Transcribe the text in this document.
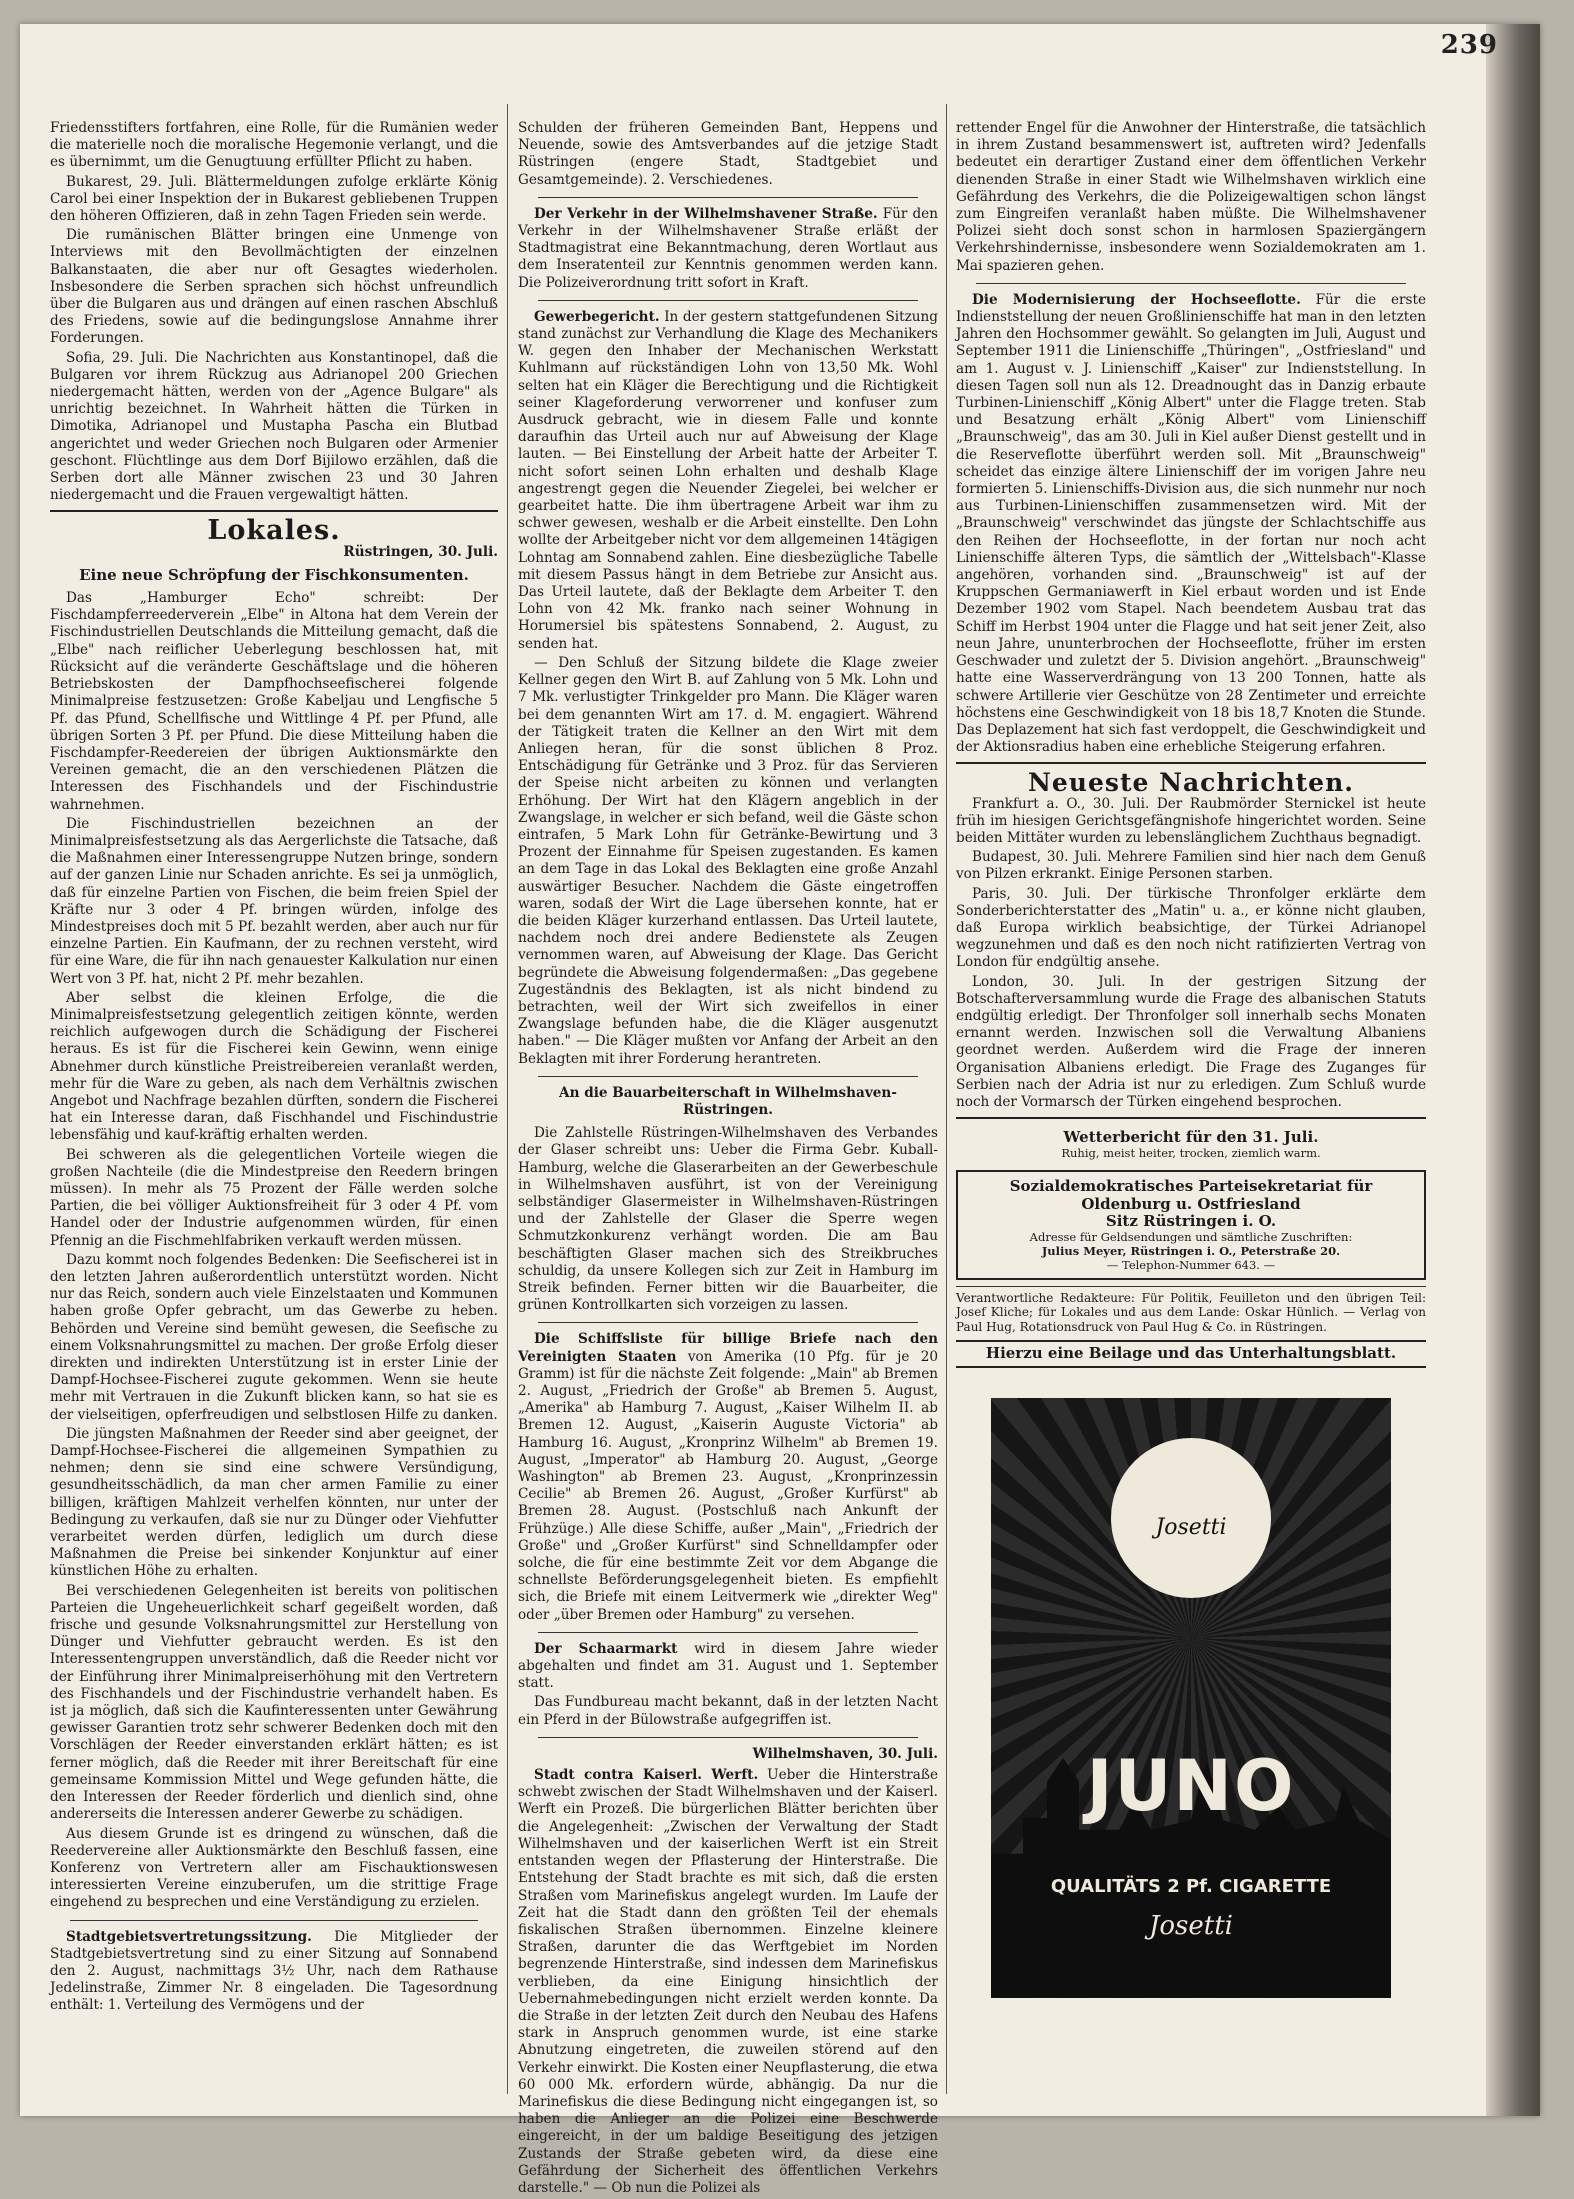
239

Friedensstifters fortfahren, eine Rolle, für die Rumänien weder die materielle noch die moralische Hegemonie verlangt, und die es übernimmt, um die Genugtuung erfüllter Pflicht zu haben.

Bukarest, 29. Juli. Blättermeldungen zufolge erklärte König Carol bei einer Inspektion der in Bukarest gebliebenen Truppen den höheren Offizieren, daß in zehn Tagen Frieden sein werde.

Die rumänischen Blätter bringen eine Unmenge von Interviews mit den Bevollmächtigten der einzelnen Balkanstaaten, die aber nur oft Gesagtes wiederholen. Insbesondere die Serben sprachen sich höchst unfreundlich über die Bulgaren aus und drängen auf einen raschen Abschluß des Friedens, sowie auf die bedingungslose Annahme ihrer Forderungen.

Sofia, 29. Juli. Die Nachrichten aus Konstantinopel, daß die Bulgaren vor ihrem Rückzug aus Adrianopel 200 Griechen niedergemacht hätten, werden von der „Agence Bulgare" als unrichtig bezeichnet. In Wahrheit hätten die Türken in Dimotika, Adrianopel und Mustapha Pascha ein Blutbad angerichtet und weder Griechen noch Bulgaren oder Armenier geschont. Flüchtlinge aus dem Dorf Bijilowo erzählen, daß die Serben dort alle Männer zwischen 23 und 30 Jahren niedergemacht und die Frauen vergewaltigt hätten.

Lokales.
Rüstringen, 30. Juli.
Eine neue Schröpfung der Fischkonsumenten.

Das „Hamburger Echo" schreibt: Der Fischdampferreederverein „Elbe" in Altona hat dem Verein der Fischindustriellen Deutschlands die Mitteilung gemacht, daß die „Elbe" nach reiflicher Ueberlegung beschlossen hat, mit Rücksicht auf die veränderte Geschäftslage und die höheren Betriebskosten der Dampfhochseefischerei folgende Minimalpreise festzusetzen: Große Kabeljau und Lengfische 5 Pf. das Pfund, Schellfische und Wittlinge 4 Pf. per Pfund, alle übrigen Sorten 3 Pf. per Pfund. Die diese Mitteilung haben die Fischdampfer-Reedereien der übrigen Auktionsmärkte den Vereinen gemacht, die an den verschiedenen Plätzen die Interessen des Fischhandels und der Fischindustrie wahrnehmen.

Die Fischindustriellen bezeichnen an der Minimalpreisfestsetzung als das Aergerlichste die Tatsache, daß die Maßnahmen einer Interessengruppe Nutzen bringe, sondern auf der ganzen Linie nur Schaden anrichte. Es sei ja unmöglich, daß für einzelne Partien von Fischen, die beim freien Spiel der Kräfte nur 3 oder 4 Pf. bringen würden, infolge des Mindestpreises doch mit 5 Pf. bezahlt werden, aber auch nur für einzelne Partien. Ein Kaufmann, der zu rechnen versteht, wird für eine Ware, die für ihn nach genauester Kalkulation nur einen Wert von 3 Pf. hat, nicht 2 Pf. mehr bezahlen.

Aber selbst die kleinen Erfolge, die die Minimalpreisfestsetzung gelegentlich zeitigen könnte, werden reichlich aufgewogen durch die Schädigung der Fischerei heraus. Es ist für die Fischerei kein Gewinn, wenn einige Abnehmer durch künstliche Preistreibereien veranlaßt werden, mehr für die Ware zu geben, als nach dem Verhältnis zwischen Angebot und Nachfrage bezahlen dürften, sondern die Fischerei hat ein Interesse daran, daß Fischhandel und Fischindustrie lebensfähig und kauf-kräftig erhalten werden.

Bei schweren als die gelegentlichen Vorteile wiegen die großen Nachteile (die die Mindestpreise den Reedern bringen müssen). In mehr als 75 Prozent der Fälle werden solche Partien, die bei völliger Auktionsfreiheit für 3 oder 4 Pf. vom Handel oder der Industrie aufgenommen würden, für einen Pfennig an die Fischmehlfabriken verkauft werden müssen.

Dazu kommt noch folgendes Bedenken: Die Seefischerei ist in den letzten Jahren außerordentlich unterstützt worden. Nicht nur das Reich, sondern auch viele Einzelstaaten und Kommunen haben große Opfer gebracht, um das Gewerbe zu heben. Behörden und Vereine sind bemüht gewesen, die Seefische zu einem Volksnahrungsmittel zu machen. Der große Erfolg dieser direkten und indirekten Unterstützung ist in erster Linie der Dampf-Hochsee-Fischerei zugute gekommen. Wenn sie heute mehr mit Vertrauen in die Zukunft blicken kann, so hat sie es der vielseitigen, opferfreudigen und selbstlosen Hilfe zu danken.

Die jüngsten Maßnahmen der Reeder sind aber geeignet, der Dampf-Hochsee-Fischerei die allgemeinen Sympathien zu nehmen; denn sie sind eine schwere Versündigung, gesundheitsschädlich, da man cher armen Familie zu einer billigen, kräftigen Mahlzeit verhelfen könnten, nur unter der Bedingung zu verkaufen, daß sie nur zu Dünger oder Viehfutter verarbeitet werden dürfen, lediglich um durch diese Maßnahmen die Preise bei sinkender Konjunktur auf einer künstlichen Höhe zu erhalten.

Bei verschiedenen Gelegenheiten ist bereits von politischen Parteien die Ungeheuerlichkeit scharf gegeißelt worden, daß frische und gesunde Volksnahrungsmittel zur Herstellung von Dünger und Viehfutter gebraucht werden. Es ist den Interessentengruppen unverständlich, daß die Reeder nicht vor der Einführung ihrer Minimalpreiserhöhung mit den Vertretern des Fischhandels und der Fischindustrie verhandelt haben. Es ist ja möglich, daß sich die Kaufinteressenten unter Gewährung gewisser Garantien trotz sehr schwerer Bedenken doch mit den Vorschlägen der Reeder einverstanden erklärt hätten; es ist ferner möglich, daß die Reeder mit ihrer Bereitschaft für eine gemeinsame Kommission Mittel und Wege gefunden hätte, die den Interessen der Reeder förderlich und dienlich sind, ohne andererseits die Interessen anderer Gewerbe zu schädigen.

Aus diesem Grunde ist es dringend zu wünschen, daß die Reedervereine aller Auktionsmärkte den Beschluß fassen, eine Konferenz von Vertretern aller am Fischauktionswesen interessierten Vereine einzuberufen, um die strittige Frage eingehend zu besprechen und eine Verständigung zu erzielen.

Stadtgebietsvertretungssitzung. Die Mitglieder der Stadtgebietsvertretung sind zu einer Sitzung auf Sonnabend den 2. August, nachmittags 3½ Uhr, nach dem Rathause Jedelinstraße, Zimmer Nr. 8 eingeladen. Die Tagesordnung enthält: 1. Verteilung des Vermögens und der

Schulden der früheren Gemeinden Bant, Heppens und Neuende, sowie des Amtsverbandes auf die jetzige Stadt Rüstringen (engere Stadt, Stadtgebiet und Gesamtgemeinde). 2. Verschiedenes.

Der Verkehr in der Wilhelmshavener Straße. Für den Verkehr in der Wilhelmshavener Straße erläßt der Stadtmagistrat eine Bekanntmachung, deren Wortlaut aus dem Inseratenteil zur Kenntnis genommen werden kann. Die Polizeiverordnung tritt sofort in Kraft.

Gewerbegericht. In der gestern stattgefundenen Sitzung stand zunächst zur Verhandlung die Klage des Mechanikers W. gegen den Inhaber der Mechanischen Werkstatt Kuhlmann auf rückständigen Lohn von 13,50 Mk. Wohl selten hat ein Kläger die Berechtigung und die Richtigkeit seiner Klageforderung verworrener und konfuser zum Ausdruck gebracht, wie in diesem Falle und konnte daraufhin das Urteil auch nur auf Abweisung der Klage lauten. — Bei Einstellung der Arbeit hatte der Arbeiter T. nicht sofort seinen Lohn erhalten und deshalb Klage angestrengt gegen die Neuender Ziegelei, bei welcher er gearbeitet hatte. Die ihm übertragene Arbeit war ihm zu schwer gewesen, weshalb er die Arbeit einstellte. Den Lohn wollte der Arbeitgeber nicht vor dem allgemeinen 14tägigen Lohntag am Sonnabend zahlen. Eine diesbezügliche Tabelle mit diesem Passus hängt in dem Betriebe zur Ansicht aus. Das Urteil lautete, daß der Beklagte dem Arbeiter T. den Lohn von 42 Mk. franko nach seiner Wohnung in Horumersiel bis spätestens Sonnabend, 2. August, zu senden hat.

— Den Schluß der Sitzung bildete die Klage zweier Kellner gegen den Wirt B. auf Zahlung von 5 Mk. Lohn und 7 Mk. verlustigter Trinkgelder pro Mann. Die Kläger waren bei dem genannten Wirt am 17. d. M. engagiert. Während der Tätigkeit traten die Kellner an den Wirt mit dem Anliegen heran, für die sonst üblichen 8 Proz. Entschädigung für Getränke und 3 Proz. für das Servieren der Speise nicht arbeiten zu können und verlangten Erhöhung. Der Wirt hat den Klägern angeblich in der Zwangslage, in welcher er sich befand, weil die Gäste schon eintrafen, 5 Mark Lohn für Getränke-Bewirtung und 3 Prozent der Einnahme für Speisen zugestanden. Es kamen an dem Tage in das Lokal des Beklagten eine große Anzahl auswärtiger Besucher. Nachdem die Gäste eingetroffen waren, sodaß der Wirt die Lage übersehen konnte, hat er die beiden Kläger kurzerhand entlassen. Das Urteil lautete, nachdem noch drei andere Bedienstete als Zeugen vernommen waren, auf Abweisung der Klage. Das Gericht begründete die Abweisung folgendermaßen: „Das gegebene Zugeständnis des Beklagten, ist als nicht bindend zu betrachten, weil der Wirt sich zweifellos in einer Zwangslage befunden habe, die die Kläger ausgenutzt haben." — Die Kläger mußten vor Anfang der Arbeit an den Beklagten mit ihrer Forderung herantreten.

An die Bauarbeiterschaft in Wilhelmshaven-Rüstringen.

Die Zahlstelle Rüstringen-Wilhelmshaven des Verbandes der Glaser schreibt uns: Ueber die Firma Gebr. Kuball-Hamburg, welche die Glaserarbeiten an der Gewerbeschule in Wilhelmshaven ausführt, ist von der Vereinigung selbständiger Glasermeister in Wilhelmshaven-Rüstringen und der Zahlstelle der Glaser die Sperre wegen Schmutzkonkurenz verhängt worden. Die am Bau beschäftigten Glaser machen sich des Streikbruches schuldig, da unsere Kollegen sich zur Zeit in Hamburg im Streik befinden. Ferner bitten wir die Bauarbeiter, die grünen Kontrollkarten sich vorzeigen zu lassen.

Die Schiffsliste für billige Briefe nach den Vereinigten Staaten von Amerika (10 Pfg. für je 20 Gramm) ist für die nächste Zeit folgende: „Main" ab Bremen 2. August, „Friedrich der Große" ab Bremen 5. August, „Amerika" ab Hamburg 7. August, „Kaiser Wilhelm II. ab Bremen 12. August, „Kaiserin Auguste Victoria" ab Hamburg 16. August, „Kronprinz Wilhelm" ab Bremen 19. August, „Imperator" ab Hamburg 20. August, „George Washington" ab Bremen 23. August, „Kronprinzessin Cecilie" ab Bremen 26. August, „Großer Kurfürst" ab Bremen 28. August. (Postschluß nach Ankunft der Frühzüge.) Alle diese Schiffe, außer „Main", „Friedrich der Große" und „Großer Kurfürst" sind Schnelldampfer oder solche, die für eine bestimmte Zeit vor dem Abgange die schnellste Beförderungsgelegenheit bieten. Es empfiehlt sich, die Briefe mit einem Leitvermerk wie „direkter Weg" oder „über Bremen oder Hamburg" zu versehen.

Der Schaarmarkt wird in diesem Jahre wieder abgehalten und findet am 31. August und 1. September statt.

Das Fundbureau macht bekannt, daß in der letzten Nacht ein Pferd in der Bülowstraße aufgegriffen ist.

Wilhelmshaven, 30. Juli.

Stadt contra Kaiserl. Werft. Ueber die Hinterstraße schwebt zwischen der Stadt Wilhelmshaven und der Kaiserl. Werft ein Prozeß. Die bürgerlichen Blätter berichten über die Angelegenheit: „Zwischen der Verwaltung der Stadt Wilhelmshaven und der kaiserlichen Werft ist ein Streit entstanden wegen der Pflasterung der Hinterstraße. Die Entstehung der Stadt brachte es mit sich, daß die ersten Straßen vom Marinefiskus angelegt wurden. Im Laufe der Zeit hat die Stadt dann den größten Teil der ehemals fiskalischen Straßen übernommen. Einzelne kleinere Straßen, darunter die das Werftgebiet im Norden begrenzende Hinterstraße, sind indessen dem Marinefiskus verblieben, da eine Einigung hinsichtlich der Uebernahmebedingungen nicht erzielt werden konnte. Da die Straße in der letzten Zeit durch den Neubau des Hafens stark in Anspruch genommen wurde, ist eine starke Abnutzung eingetreten, die zuweilen störend auf den Verkehr einwirkt. Die Kosten einer Neupflasterung, die etwa 60 000 Mk. erfordern würde, abhängig. Da nur die Marinefiskus die diese Bedingung nicht eingegangen ist, so haben die Anlieger an die Polizei eine Beschwerde eingereicht, in der um baldige Beseitigung des jetzigen Zustands der Straße gebeten wird, da diese eine Gefährdung der Sicherheit des öffentlichen Verkehrs darstelle." — Ob nun die Polizei als

rettender Engel für die Anwohner der Hinterstraße, die tatsächlich in ihrem Zustand besammenswert ist, auftreten wird? Jedenfalls bedeutet ein derartiger Zustand einer dem öffentlichen Verkehr dienenden Straße in einer Stadt wie Wilhelmshaven wirklich eine Gefährdung des Verkehrs, die die Polizeigewaltigen schon längst zum Eingreifen veranlaßt haben müßte. Die Wilhelmshavener Polizei sieht doch sonst schon in harmlosen Spaziergängern Verkehrshindernisse, insbesondere wenn Sozialdemokraten am 1. Mai spazieren gehen.

Die Modernisierung der Hochseeflotte. Für die erste Indienststellung der neuen Großlinienschiffe hat man in den letzten Jahren den Hochsommer gewählt. So gelangten im Juli, August und September 1911 die Linienschiffe „Thüringen", „Ostfriesland" und am 1. August v. J. Linienschiff „Kaiser" zur Indienststellung. In diesen Tagen soll nun als 12. Dreadnought das in Danzig erbaute Turbinen-Linienschiff „König Albert" unter die Flagge treten. Stab und Besatzung erhält „König Albert" vom Linienschiff „Braunschweig", das am 30. Juli in Kiel außer Dienst gestellt und in die Reserveflotte überführt werden soll. Mit „Braunschweig" scheidet das einzige ältere Linienschiff der im vorigen Jahre neu formierten 5. Linienschiffs-Division aus, die sich nunmehr nur noch aus Turbinen-Linienschiffen zusammensetzen wird. Mit der „Braunschweig" verschwindet das jüngste der Schlachtschiffe aus den Reihen der Hochseeflotte, in der fortan nur noch acht Linienschiffe älteren Typs, die sämtlich der „Wittelsbach"-Klasse angehören, vorhanden sind. „Braunschweig" ist auf der Kruppschen Germaniawerft in Kiel erbaut worden und ist Ende Dezember 1902 vom Stapel. Nach beendetem Ausbau trat das Schiff im Herbst 1904 unter die Flagge und hat seit jener Zeit, also neun Jahre, ununterbrochen der Hochseeflotte, früher im ersten Geschwader und zuletzt der 5. Division angehört. „Braunschweig" hatte eine Wasserverdrängung von 13 200 Tonnen, hatte als schwere Artillerie vier Geschütze von 28 Zentimeter und erreichte höchstens eine Geschwindigkeit von 18 bis 18,7 Knoten die Stunde. Das Deplazement hat sich fast verdoppelt, die Geschwindigkeit und der Aktionsradius haben eine erhebliche Steigerung erfahren.

Neueste Nachrichten.

Frankfurt a. O., 30. Juli. Der Raubmörder Sternickel ist heute früh im hiesigen Gerichtsgefängnishofe hingerichtet worden. Seine beiden Mittäter wurden zu lebenslänglichem Zuchthaus begnadigt.

Budapest, 30. Juli. Mehrere Familien sind hier nach dem Genuß von Pilzen erkrankt. Einige Personen starben.

Paris, 30. Juli. Der türkische Thronfolger erklärte dem Sonderberichterstatter des „Matin" u. a., er könne nicht glauben, daß Europa wirklich beabsichtige, der Türkei Adrianopel wegzunehmen und daß es den noch nicht ratifizierten Vertrag von London für endgültig ansehe.

London, 30. Juli. In der gestrigen Sitzung der Botschafterversammlung wurde die Frage des albanischen Statuts endgültig erledigt. Der Thronfolger soll innerhalb sechs Monaten ernannt werden. Inzwischen soll die Verwaltung Albaniens geordnet werden. Außerdem wird die Frage der inneren Organisation Albaniens erledigt. Die Frage des Zuganges für Serbien nach der Adria ist nur zu erledigen. Zum Schluß wurde noch der Vormarsch der Türken eingehend besprochen.

Wetterbericht für den 31. Juli.
Ruhig, meist heiter, trocken, ziemlich warm.
Sozialdemokratisches Parteisekretariat für Oldenburg u. Ostfriesland
Sitz Rüstringen i. O.
Adresse für Geldsendungen und sämtliche Zuschriften:
Julius Meyer, Rüstringen i. O., Peterstraße 20.
— Telephon-Nummer 643. —
Verantwortliche Redakteure: Für Politik, Feuilleton und den übrigen Teil: Josef Kliche; für Lokales und aus dem Lande: Oskar Hünlich. — Verlag von Paul Hug, Rotationsdruck von Paul Hug & Co. in Rüstringen.
Hierzu eine Beilage und das Unterhaltungsblatt.
Josetti
JUNO
QUALITÄTS 2 Pf. CIGARETTE
Josetti
